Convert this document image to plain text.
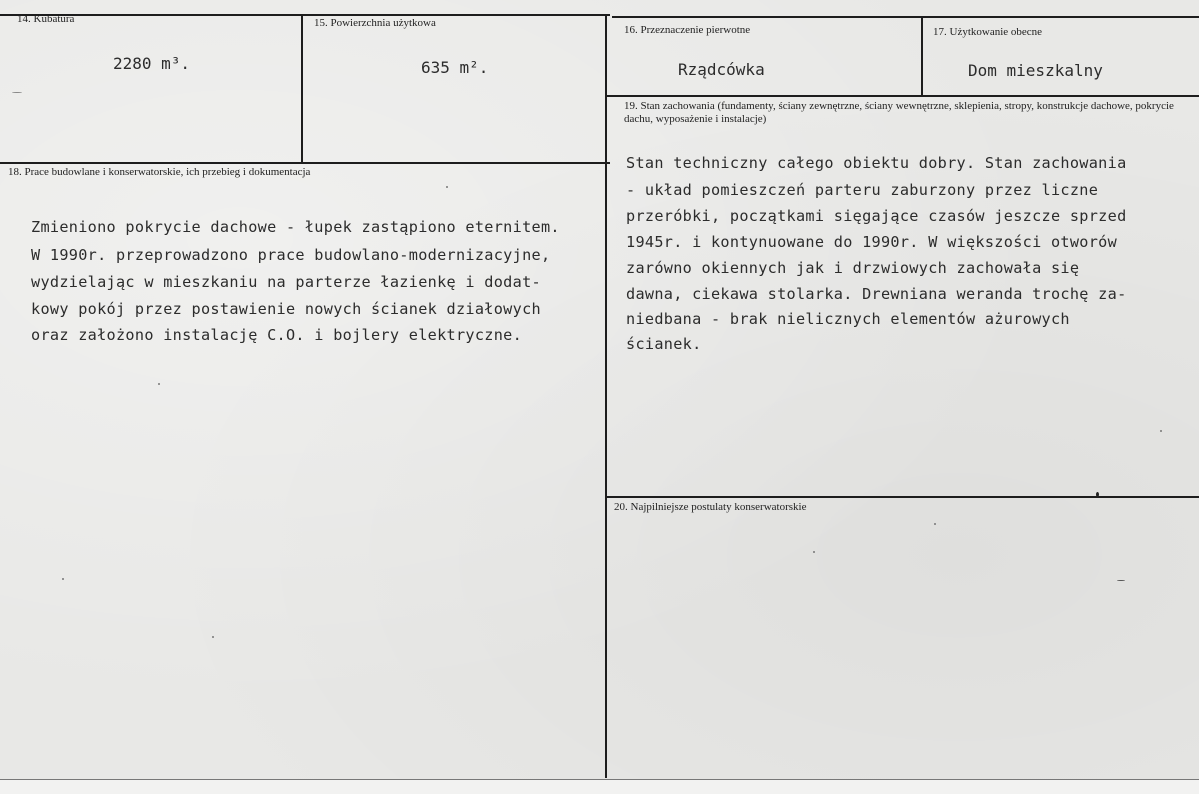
14. Kubatura
2280 m³.
15. Powierzchnia użytkowa
635 m².
16. Przeznaczenie pierwotne
Rządcówka
17. Użytkowanie obecne
Dom mieszkalny
18. Prace budowlane i konserwatorskie, ich przebieg i dokumentacja
Zmieniono pokrycie dachowe - łupek zastąpiono eternitem.
W 1990r. przeprowadzono prace budowlano-modernizacyjne,
wydzielając w mieszkaniu na parterze łazienkę i dodat-
kowy pokój przez postawienie nowych ścianek działowych
oraz założono instalację C.O. i bojlery elektryczne.
19. Stan zachowania (fundamenty, ściany zewnętrzne, ściany wewnętrzne, sklepienia, stropy, konstrukcje dachowe, pokrycie dachu, wyposażenie i instalacje)
Stan techniczny całego obiektu dobry. Stan zachowania
- układ pomieszczeń parteru zaburzony przez liczne
przeróbki, początkami sięgające czasów jeszcze sprzed
1945r. i kontynuowane do 1990r. W większości otworów
zarówno okiennych jak i drzwiowych zachowała się
dawna, ciekawa stolarka. Drewniana weranda trochę za-
niedbana - brak nielicznych elementów ażurowych
ścianek.
20. Najpilniejsze postulaty konserwatorskie
